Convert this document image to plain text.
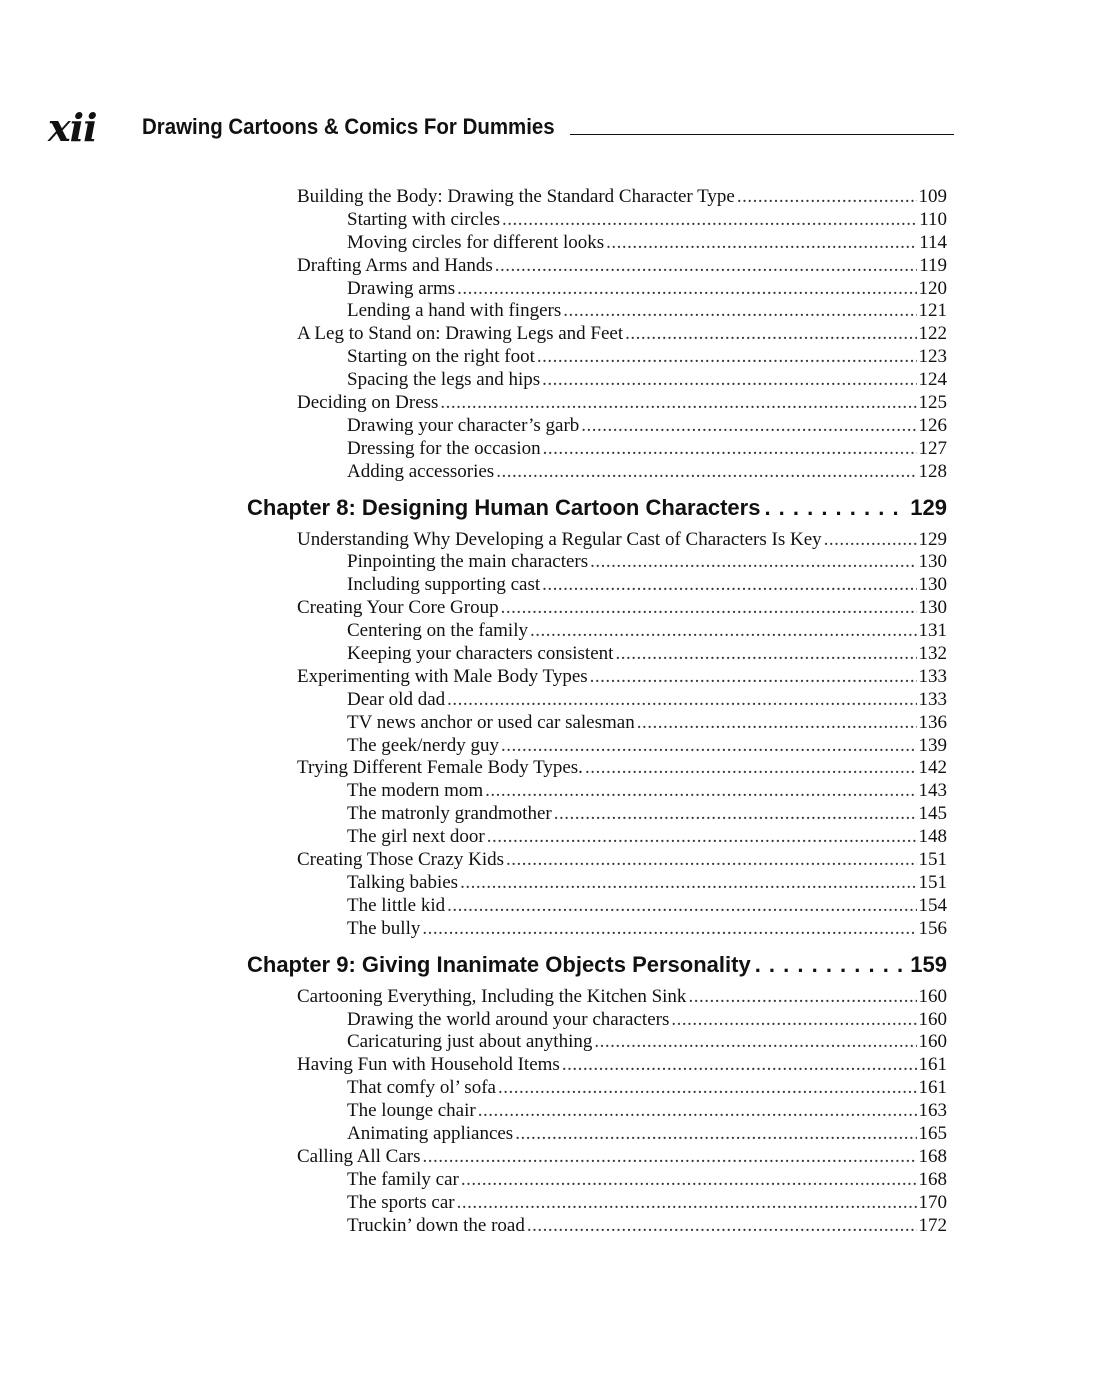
xii Drawing Cartoons & Comics For Dummies
Building the Body: Drawing the Standard Character Type .....	109
Starting with circles .....	110
Moving circles for different looks .....	114
Drafting Arms and Hands .....	119
Drawing arms .....	120
Lending a hand with fingers .....	121
A Leg to Stand on: Drawing Legs and Feet .....	122
Starting on the right foot .....	123
Spacing the legs and hips .....	124
Deciding on Dress .....	125
Drawing your character’s garb .....	126
Dressing for the occasion .....	127
Adding accessories .....	128
Chapter 8: Designing Human Cartoon Characters . . .	129
Understanding Why Developing a Regular Cast of Characters Is Key .....	129
Pinpointing the main characters .....	130
Including supporting cast .....	130
Creating Your Core Group .....	130
Centering on the family .....	131
Keeping your characters consistent .....	132
Experimenting with Male Body Types .....	133
Dear old dad .....	133
TV news anchor or used car salesman .....	136
The geek/nerdy guy .....	139
Trying Different Female Body Types. .....	142
The modern mom .....	143
The matronly grandmother .....	145
The girl next door .....	148
Creating Those Crazy Kids .....	151
Talking babies .....	151
The little kid .....	154
The bully .....	156
Chapter 9: Giving Inanimate Objects Personality . . .	159
Cartooning Everything, Including the Kitchen Sink .....	160
Drawing the world around your characters .....	160
Caricaturing just about anything .....	160
Having Fun with Household Items .....	161
That comfy ol’ sofa .....	161
The lounge chair .....	163
Animating appliances .....	165
Calling All Cars .....	168
The family car .....	168
The sports car .....	170
Truckin’ down the road .....	172
